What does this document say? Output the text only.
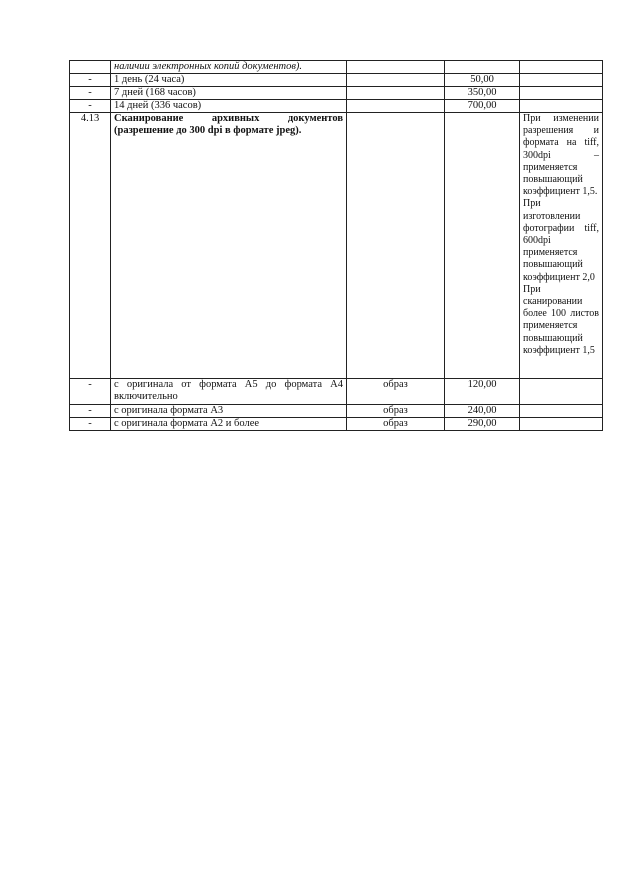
	наличии электронных копий документов).			
-	1 день (24 часа)		50,00	
-	7 дней (168 часов)		350,00	
-	14 дней (336 часов)		700,00	
4.13	Сканирование архивных документов (разрешение до 300 dpi в формате jpeg).			При изменении разрешения и формата на tiff, 300dpi – применяется повышающий коэффициент 1,5.
При изготовлении фотографии tiff, 600dpi применяется повышающий коэффициент 2,0
При сканировании более 100 листов применяется повышающий коэффициент 1,5

-	с оригинала от формата А5 до формата А4 включительно	образ	120,00	
-	с оригинала формата А3	образ	240,00	
-	с оригинала формата А2 и более	образ	290,00	
